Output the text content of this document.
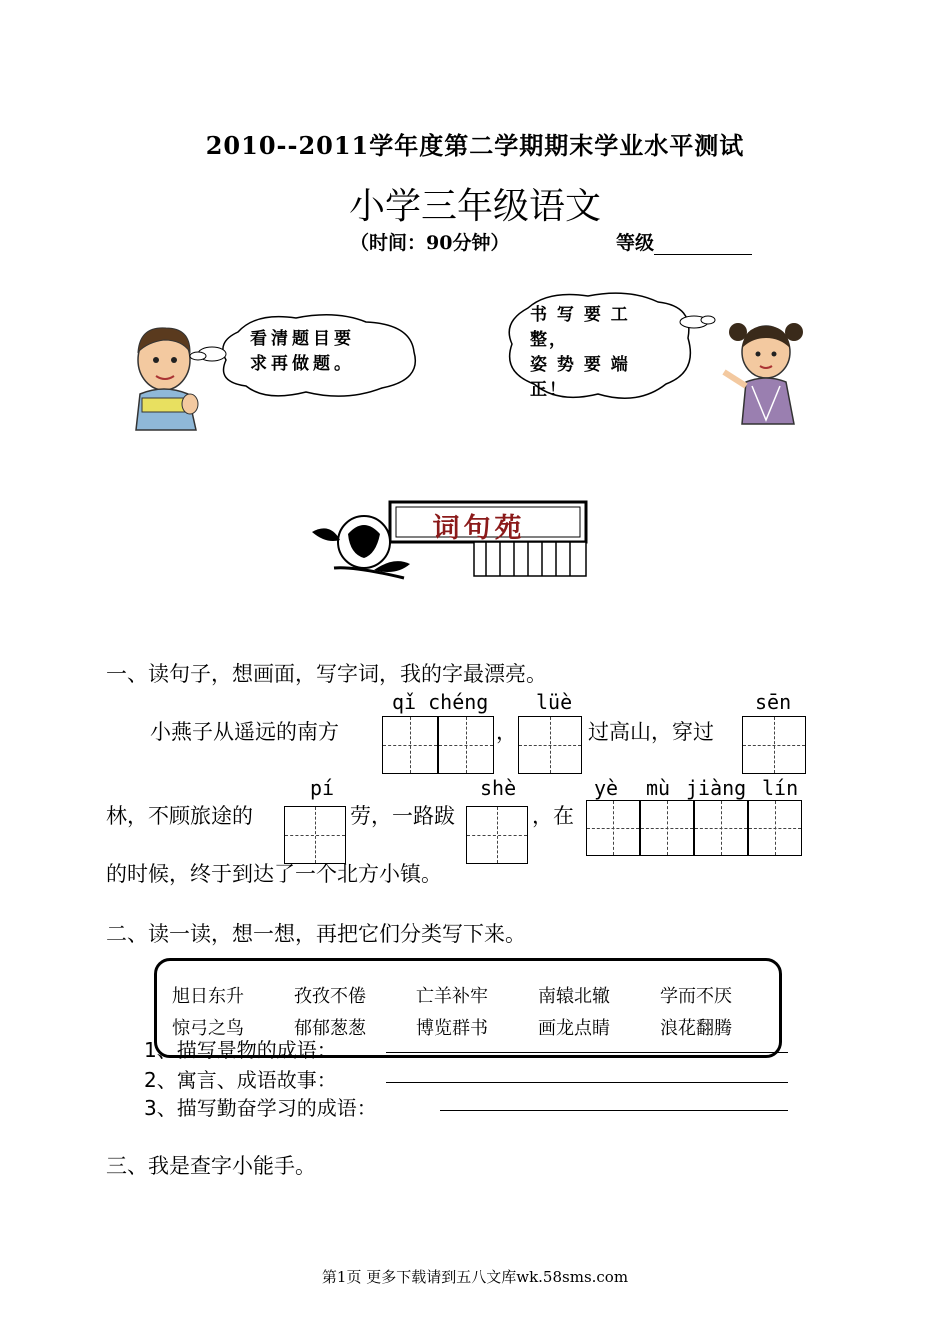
2010--2011学年度第二学期期末学业水平测试
小学三年级语文
（时间：90分钟）	等级
看清题目要
求再做题。
书 写 要 工
整，
姿 势 要 端
正！
词句苑
一、读句子，想画面，写字词，我的字最漂亮。
qǐ chéng lüè	sēn
小燕子从遥远的南方	，	过高山，穿过
pí	shè	yè mù jiàng lín
林，不顾旅途的	劳，一路跋	，在
的时候，终于到达了一个北方小镇。
二、读一读，想一想，再把它们分类写下来。
1、描写景物的成语：
2、寓言、成语故事：
3、描写勤奋学习的成语：
旭日东升	孜孜不倦	亡羊补牢	南辕北辙	学而不厌
惊弓之鸟	郁郁葱葱	博览群书	画龙点睛	浪花翻腾
三、我是查字小能手。
第1页 更多下载请到五八文库wk.58sms.com
